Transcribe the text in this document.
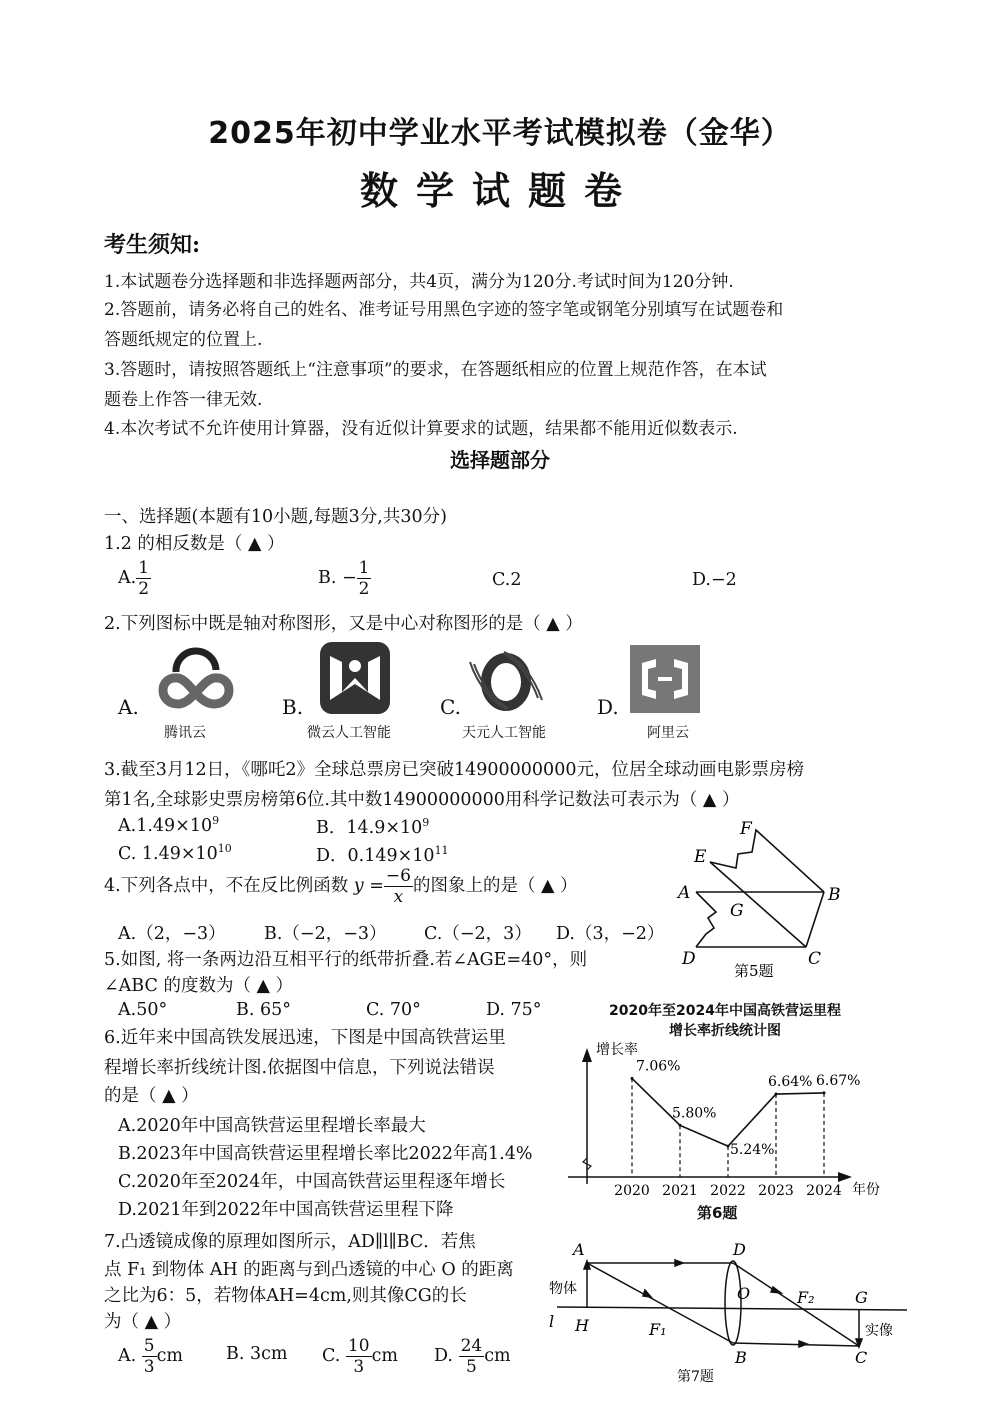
2025年初中学业水平考试模拟卷（金华）
数学试题卷
考生须知:
1.本试题卷分选择题和非选择题两部分，共4页，满分为120分.考试时间为120分钟.
2.答题前，请务必将自己的姓名、准考证号用黑色字迹的签字笔或钢笔分别填写在试题卷和
答题纸规定的位置上.
3.答题时，请按照答题纸上“注意事项”的要求，在答题纸相应的位置上规范作答，在本试
题卷上作答一律无效.
4.本次考试不允许使用计算器，没有近似计算要求的试题，结果都不能用近似数表示.
选择题部分
一、选择题(本题有10小题,每题3分,共30分)
1.2 的相反数是（ ▲ ）
A. $\frac{1}{2}$	B. − $\frac{1}{2}$	C.2	D.−2
2.下列图标中既是轴对称图形，又是中心对称图形的是（ ▲ ）
A.
腾讯云
B.
微云人工智能
C.
天元人工智能
D.
阿里云
3.截至3月12日，《哪吒2》全球总票房已突破14900000000元，位居全球动画电影票房榜
第1名,全球影史票房榜第6位.其中数14900000000用科学记数法可表示为（ ▲ ）
$A.1.49\times 10^9$	B．$14.9\times 10^9$
C. $1.49\times 10^{10}$	D．$0.149\times 10^{11}$
4.下列各点中，不在反比例函数 $y = \frac{-6}{x}$ 的图象上的是（ ▲ ）
A.（2，−3） B.（−2，−3） C.（−2，3） D.（3，−2）
5.如图, 将一条两边沿互相平行的纸带折叠.若∠AGE=40°，则
∠ABC 的度数为（ ▲ ）
A.50°	B. 65°	C. 70°	D. 75°
F
E
A
G
B
D	C
第5题
6.近年来中国高铁发展迅速，下图是中国高铁营运里
程增长率折线统计图.依据图中信息，下列说法错误
的是（ ▲ ）
A.2020年中国高铁营运里程增长率最大
B.2023年中国高铁营运里程增长率比2022年高1.4%
C.2020年至2024年，中国高铁营运里程逐年增长
D.2021年到2022年中国高铁营运里程下降
2020年至2024年中国高铁营运里程
增长率折线统计图
增长率
年份
2020
7.06%
2021
5.80%
2022
5.24%
2023
6.64%
2024
6.67%
第6题
7.凸透镜成像的原理如图所示，AD∥l∥BC．若焦
点 F₁ 到物体 AH 的距离与到凸透镜的中心 O 的距离
之比为6：5，若物体AH=4cm,则其像CG的长
为（ ▲ ）
A. $\frac{5}{3}$ cm B. 3cm C. $\frac{10}{3}$ cm D. $\frac{24}{5}$ cm
A
H
l	F₁
D
O
B
F₂	G
C
物体
实像
第7题
